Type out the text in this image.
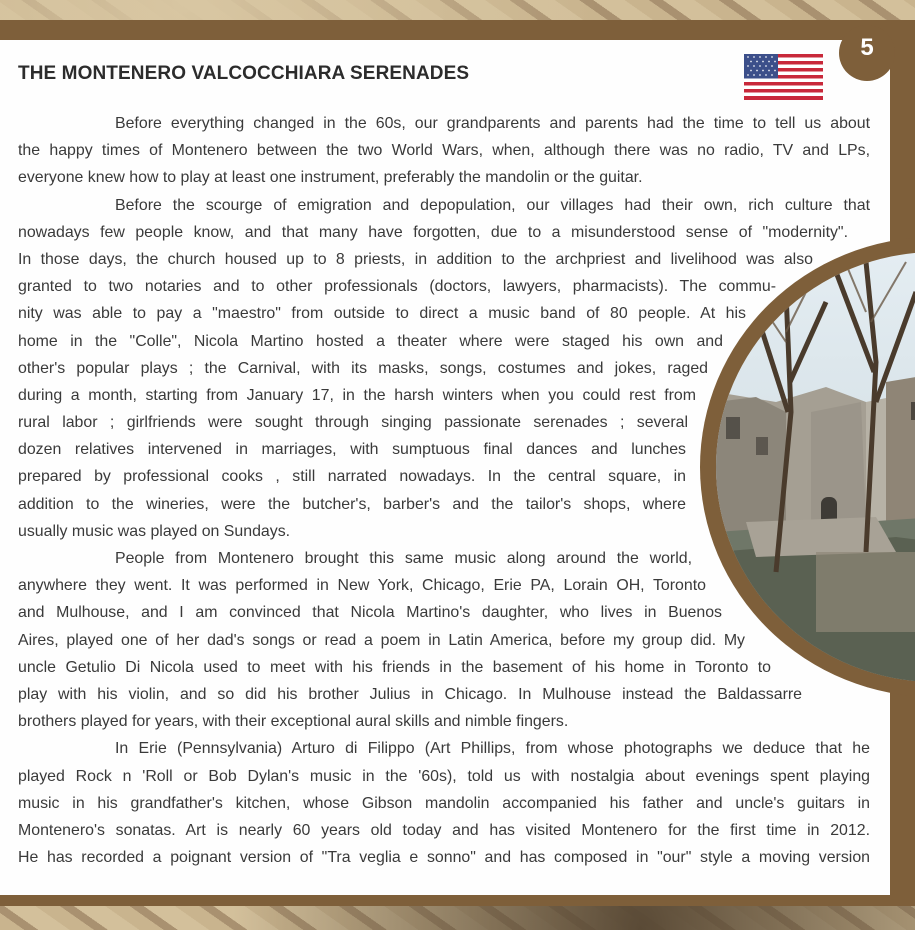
5
THE MONTENERO VALCOCCHIARA SERENADES
Before everything changed in the 60s, our grandparents and parents had the time to tell us about
the happy times of Montenero between the two World Wars, when, although there was no radio, TV and LPs,
everyone knew how to play at least one instrument, preferably the mandolin or the guitar.
Before the scourge of emigration and depopulation, our villages had their own, rich culture that
nowadays few people know, and that many have forgotten, due to a misunderstood sense of "modernity".
In those days, the church housed up to 8 priests, in addition to the archpriest and livelihood was also
granted to two notaries and to other professionals (doctors, lawyers, pharmacists). The commu-
nity was able to pay a "maestro" from outside to direct a music band of 80 people. At his
home in the "Colle", Nicola Martino hosted a theater where were staged his own and
other's popular plays ; the Carnival, with its masks, songs, costumes and jokes, raged
during a month, starting from January 17, in the harsh winters when you could rest from
rural labor ; girlfriends were sought through singing passionate serenades ; several
dozen relatives intervened in marriages, with sumptuous final dances and lunches
prepared by professional cooks , still narrated nowadays. In the central square, in
addition to the wineries, were the butcher's, barber's and the tailor's shops, where
usually music was played on Sundays.
People from Montenero brought this same music along around the world,
anywhere they went. It was performed in New York, Chicago, Erie PA, Lorain OH, Toronto
and Mulhouse, and I am convinced that Nicola Martino's daughter, who lives in Buenos
Aires, played one of her dad's songs or read a poem in Latin America, before my group did. My
uncle Getulio Di Nicola used to meet with his friends in the basement of his home in Toronto to
play with his violin, and so did his brother Julius in Chicago. In Mulhouse instead the Baldassarre
brothers played for years, with their exceptional aural skills and nimble fingers.
In Erie (Pennsylvania) Arturo di Filippo (Art Phillips, from whose photographs we deduce that he
played Rock n 'Roll or Bob Dylan's music in the '60s), told us with nostalgia about evenings spent playing
music in his grandfather's kitchen, whose Gibson mandolin accompanied his father and uncle's guitars in
Montenero's sonatas. Art is nearly 60 years old today and has visited Montenero for the first time in 2012.
He has recorded a poignant version of "Tra veglia e sonno" and has composed in "our" style a moving version
